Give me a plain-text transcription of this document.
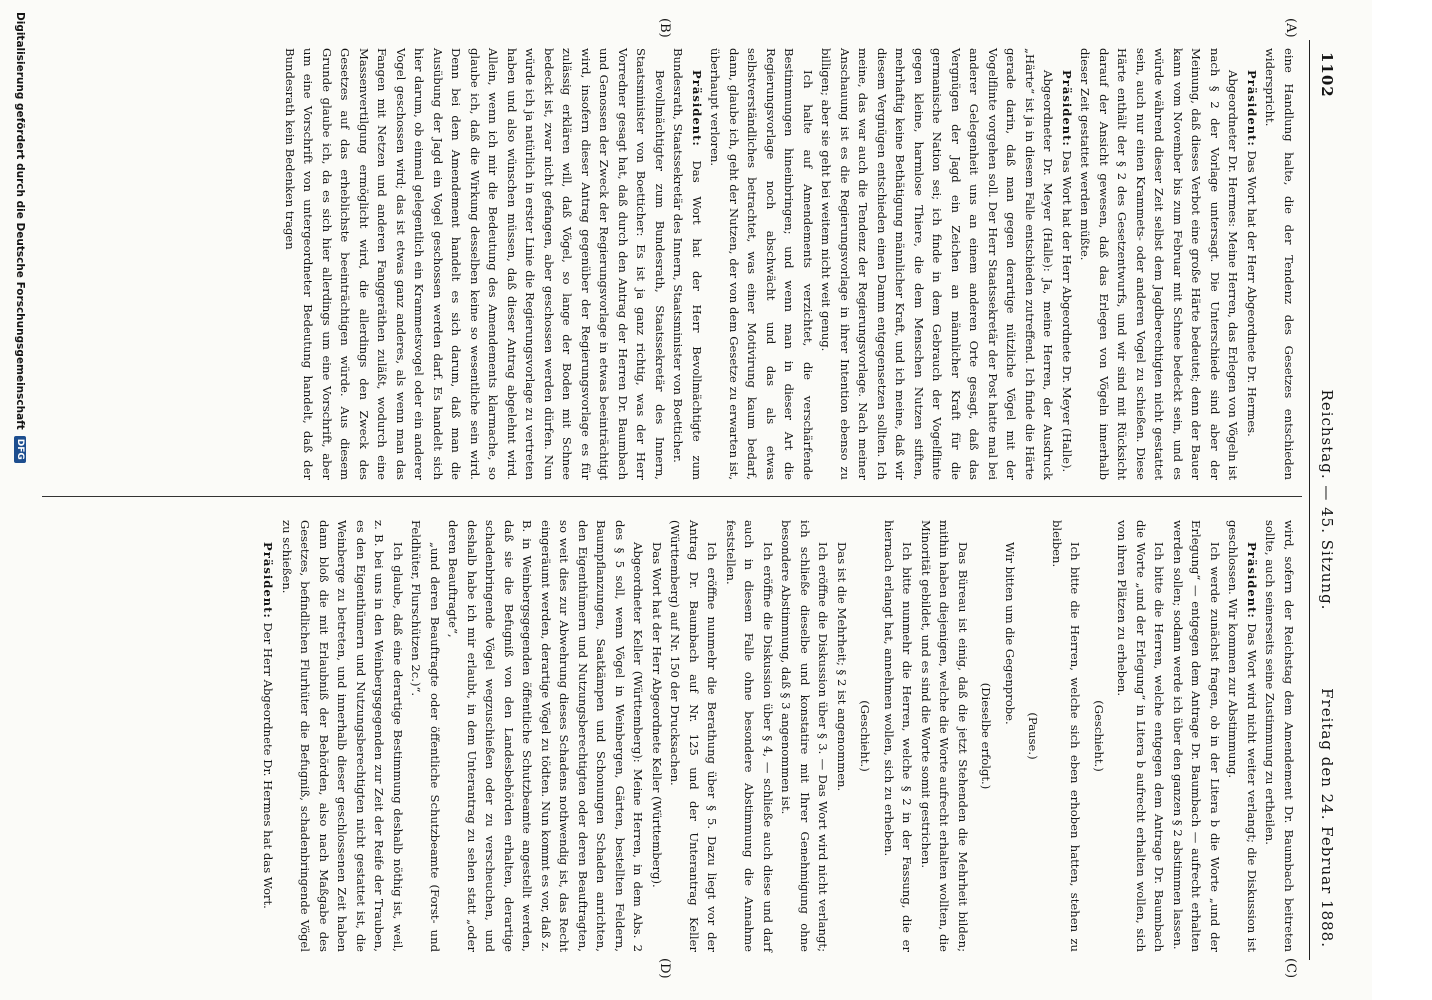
1102
Reichstag. — 45. Sitzung.
Freitag den 24. Februar 1888.
(A)
(B)
(C)
(D)

eine Handlung halte, die der Tendenz des Gesetzes entschieden widerspricht.

Präsident: Das Wort hat der Herr Abgeordnete Dr. Hermes.

Abgeordneter Dr. Hermes: Meine Herren, das Erlegen von Vögeln ist nach § 2 der Vorlage untersagt. Die Unterschiede sind aber der Meinung, daß dieses Verbot eine große Härte bedeutet; denn der Bauer kann vom November bis zum Februar mit Schnee bedeckt sein, und es würde während dieser Zeit selbst dem Jagdberechtigten nicht gestattet sein, auch nur einen Krammets- oder anderen Vogel zu schießen. Diese Härte enthält der § 2 des Gesetzentwurfs, und wir sind mit Rücksicht darauf der Ansicht gewesen, daß das Erlegen von Vögeln innerhalb dieser Zeit gestattet werden müßte.

Präsident: Das Wort hat der Herr Abgeordnete Dr. Meyer (Halle).

Abgeordneter Dr. Meyer (Halle): Ja, meine Herren, der Ausdruck „Härte“ ist ja in diesem Falle entschieden zutreffend. Ich finde die Härte gerade darin, daß man gegen derartige nützliche Vögel mit der Vogelflinte vorgehen soll. Der Herr Staatssekretär der Post hatte mal bei anderer Gelegenheit uns an einem anderen Orte gesagt, daß das Vergnügen der Jagd ein Zeichen an männlicher Kraft für die germanische Nation sei; ich finde in dem Gebrauch der Vogelflinte gegen kleine, harmlose Thiere, die dem Menschen Nutzen stiften, mehrhaftig keine Bethätigung männlicher Kraft, und ich meine, daß wir diesem Vergnügen entschieden einen Damm entgegensetzen sollten. Ich meine, das war auch die Tendenz der Regierungsvorlage. Nach meiner Anschauung ist es die Regierungsvorlage in ihrer Intention ebenso zu billigen; aber sie geht bei weitem nicht weit genug.

Ich halte auf Amendements verzichtet, die verschärfende Bestimmungen hineinbringen; und wenn man in dieser Art die Regierungsvorlage noch abschwächt und das als etwas selbstverständliches betrachtet, was einer Motivirung kaum bedarf, dann, glaube ich, geht der Nutzen, der von dem Gesetze zu erwarten ist, überhaupt verloren.

Präsident: Das Wort hat der Herr Bevollmächtigte zum Bundesrath, Staatssekretär des Innern, Staatsminister von Boetticher.

Bevollmächtigter zum Bundesrath, Staatssekretär des Innern, Staatsminister von Boetticher: Es ist ja ganz richtig, was der Herr Vorredner gesagt hat, daß durch den Antrag der Herren Dr. Baumbach und Genossen der Zweck der Regierungsvorlage in etwas beeinträchtigt wird, insofern dieser Antrag gegenüber der Regierungsvorlage es für zulässig erklären will, daß Vögel, so lange der Boden mit Schnee bedeckt ist, zwar nicht gefangen, aber geschossen werden dürfen. Nun würde ich ja natürlich in erster Linie die Regierungsvorlage zu vertreten haben und also wünschen müssen, daß dieser Antrag abgelehnt wird. Allein, wenn ich mir die Bedeutung des Amendements klarmache, so glaube ich, daß die Wirkung desselben keine so wesentliche sein wird. Denn bei dem Amendement handelt es sich darum, daß man die Ausübung der Jagd ein Vogel geschossen werden darf. Es handelt sich hier darum, ob einmal gelegentlich ein Krammetsvogel oder ein anderer Vogel geschossen wird; das ist etwas ganz anderes, als wenn man das Fangen mit Netzen und anderen Fanggeräthen zuläßt, wodurch eine Massenvertilgung ermöglicht wird, die allerdings den Zweck des Gesetzes auf das erheblichste beeinträchtigen würde. Aus diesem Grunde glaube ich, da es sich hier allerdings um eine Vorschrift, aber um eine Vorschrift von untergeordneter Bedeutung handelt, daß der Bundesrath kein Bedenken tragen

wird, sofern der Reichstag dem Amendement Dr. Baumbach beitreten sollte, auch seinerseits seine Zustimmung zu ertheilen.

Präsident: Das Wort wird nicht weiter verlangt; die Diskussion ist geschlossen. Wir kommen zur Abstimmung.

Ich werde zunächst fragen, ob in der Litera b die Worte „und der Erlegung“ — entgegen dem Antrage Dr. Baumbach — aufrecht erhalten werden sollen; sodann werde ich über den ganzen § 2 abstimmen lassen.

Ich bitte die Herren, welche entgegen dem Antrage Dr. Baumbach die Worte „und der Erlegung“ in Litera b aufrecht erhalten wollen, sich von ihren Plätzen zu erheben.

(Geschieht.)

Ich bitte die Herren, welche sich eben erhoben hatten, stehen zu bleiben.

(Pause.)

Wir bitten um die Gegenprobe.

(Dieselbe erfolgt.)

Das Büreau ist einig, daß die jetzt Stehenden die Mehrheit bilden; mithin haben diejenigen, welche die Worte aufrecht erhalten wollten, die Minorität gebildet, und es sind die Worte somit gestrichen.

Ich bitte nunmehr die Herren, welche § 2 in der Fassung, die er hiernach erlangt hat, annehmen wollen, sich zu erheben.

(Geschieht.)

Das ist die Mehrheit; § 2 ist angenommen.

Ich eröffne die Diskussion über § 3. — Das Wort wird nicht verlangt; ich schließe dieselbe und konstatire mit Ihrer Genehmigung ohne besondere Abstimmung, daß § 3 angenommen ist.

Ich eröffne die Diskussion über § 4, — schließe auch diese und darf auch in diesem Falle ohne besondere Abstimmung die Annahme feststellen.

Ich eröffne nunmehr die Berathung über § 5. Dazu liegt vor der Antrag Dr. Baumbach auf Nr. 125 und der Unterantrag Keller (Württemberg) auf Nr. 150 der Drucksachen.

Das Wort hat der Herr Abgeordnete Keller (Württemberg).

Abgeordneter Keller (Württemberg): Meine Herren, in dem Abs. 2 des § 5 soll, wenn Vögel in Weinbergen, Gärten, bestellten Feldern, Baumpflanzungen, Saatkämpen und Schonungen Schaden anrichten, den Eigenthümern und Nutzungsberechtigten oder deren Beauftragten, so weit dies zur Abwehrung dieses Schadens nothwendig ist, das Recht eingeräumt werden, derartige Vögel zu tödten. Nun kommt es vor, daß z. B. in Weinbergsgegenden öffentliche Schutzbeamte angestellt werden, daß sie die Befugniß von den Landesbehörden erhalten, derartige schadenbringende Vögel wegzuschießen oder zu verscheuchen, und deshalb habe ich mir erlaubt, in dem Unterantrag zu sehen statt „oder deren Beauftragte“,

„und deren Beauftragte oder öffentliche Schutzbeamte (Forst- und Feldhüter, Flurschützen 2c.)“.

Ich glaube, daß eine derartige Bestimmung deshalb nöthig ist, weil, z. B. bei uns in den Weinbergsgegenden zur Zeit der Reife der Trauben, es den Eigenthümern und Nutzungsberechtigten nicht gestattet ist, die Weinberge zu betreten, und innerhalb dieser geschlossenen Zeit haben dann bloß die mit Erlaubniß der Behörden, also nach Maßgabe des Gesetzes, befindlichen Flurhüter die Befugniß, schadenbringende Vögel zu schießen.

Präsident: Der Herr Abgeordnete Dr. Hermes hat das Wort.

Digitalisierung gefördert durch die Deutsche Forschungsgemeinschaft
DFG
